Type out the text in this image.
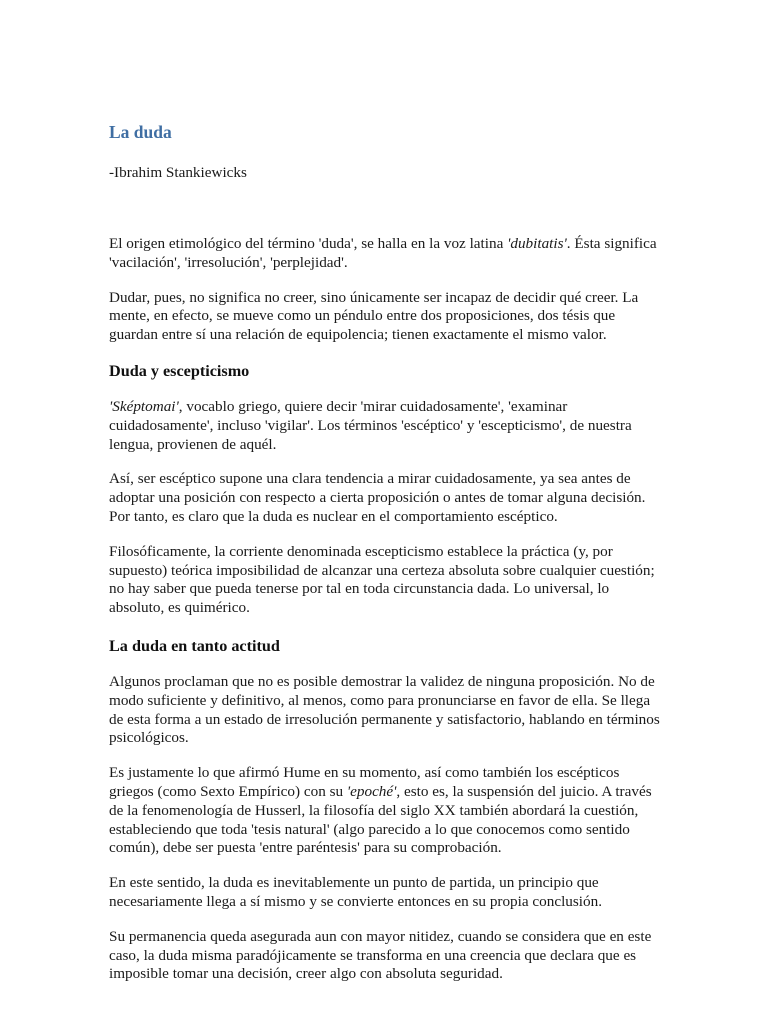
La duda

-Ibrahim Stankiewicks

El origen etimológico del término 'duda', se halla en la voz latina 'dubitatis'. Ésta significa 'vacilación', 'irresolución', 'perplejidad'.

Dudar, pues, no significa no creer, sino únicamente ser incapaz de decidir qué creer. La mente, en efecto, se mueve como un péndulo entre dos proposiciones, dos tésis que guardan entre sí una relación de equipolencia; tienen exactamente el mismo valor.

Duda y escepticismo

'Sképtomai', vocablo griego, quiere decir 'mirar cuidadosamente', 'examinar cuidadosamente', incluso 'vigilar'. Los términos 'escéptico' y 'escepticismo', de nuestra lengua, provienen de aquél.

Así, ser escéptico supone una clara tendencia a mirar cuidadosamente, ya sea antes de adoptar una posición con respecto a cierta proposición o antes de tomar alguna decisión. Por tanto, es claro que la duda es nuclear en el comportamiento escéptico.

Filosóficamente, la corriente denominada escepticismo establece la práctica (y, por supuesto) teórica imposibilidad de alcanzar una certeza absoluta sobre cualquier cuestión; no hay saber que pueda tenerse por tal en toda circunstancia dada. Lo universal, lo absoluto, es quimérico.

La duda en tanto actitud

Algunos proclaman que no es posible demostrar la validez de ninguna proposición. No de modo suficiente y definitivo, al menos, como para pronunciarse en favor de ella. Se llega de esta forma a un estado de irresolución permanente y satisfactorio, hablando en términos psicológicos.

Es justamente lo que afirmó Hume en su momento, así como también los escépticos griegos (como Sexto Empírico) con su 'epoché', esto es, la suspensión del juicio. A través de la fenomenología de Husserl, la filosofía del siglo XX también abordará la cuestión, estableciendo que toda 'tesis natural' (algo parecido a lo que conocemos como sentido común), debe ser puesta 'entre paréntesis' para su comprobación.

En este sentido, la duda es inevitablemente un punto de partida, un principio que necesariamente llega a sí mismo y se convierte entonces en su propia conclusión.

Su permanencia queda asegurada aun con mayor nitidez, cuando se considera que en este caso, la duda misma paradójicamente se transforma en una creencia que declara que es imposible tomar una decisión, creer algo con absoluta seguridad.
